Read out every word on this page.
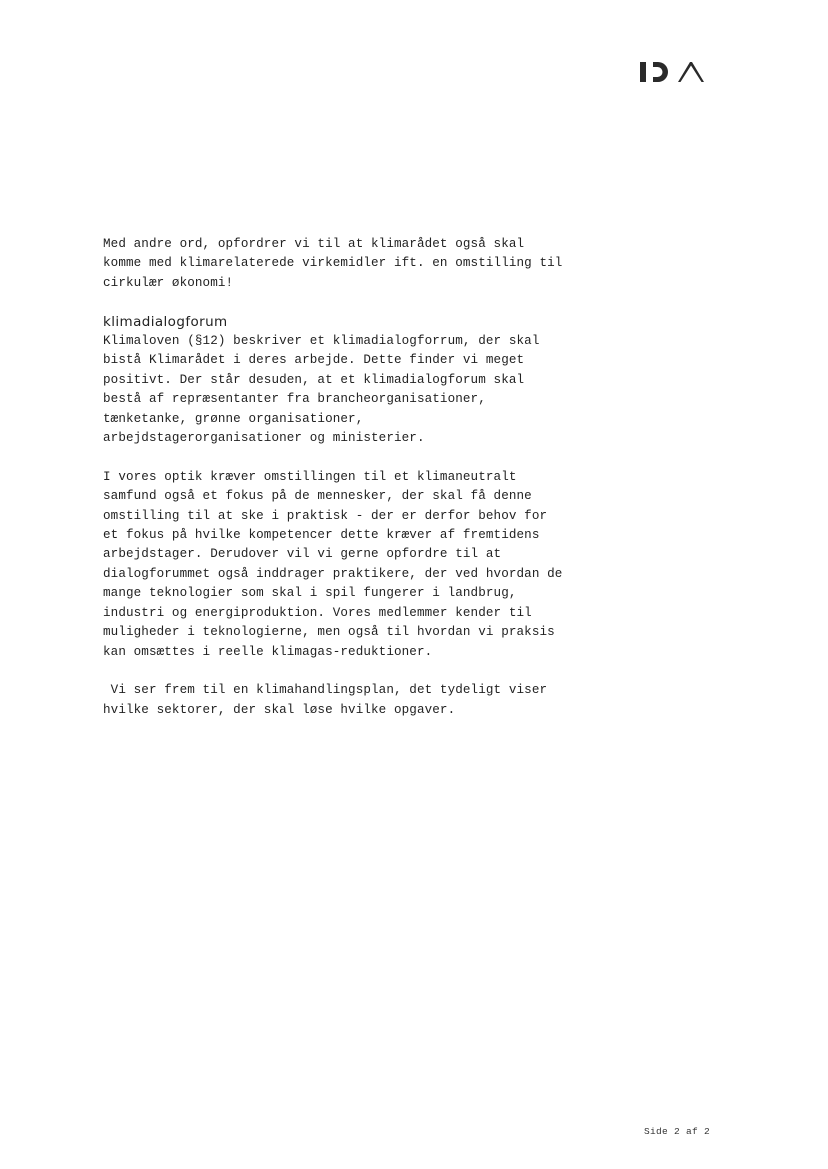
Med andre ord, opfordrer vi til at klimarådet også skal
komme med klimarelaterede virkemidler ift. en omstilling til
cirkulær økonomi!
klimadialogforum
Klimaloven (§12) beskriver et klimadialogforrum, der skal
bistå Klimarådet i deres arbejde. Dette finder vi meget
positivt. Der står desuden, at et klimadialogforum skal
bestå af repræsentanter fra brancheorganisationer,
tænketanke, grønne organisationer,
arbejdstagerorganisationer og ministerier.
I vores optik kræver omstillingen til et klimaneutralt
samfund også et fokus på de mennesker, der skal få denne
omstilling til at ske i praktisk - der er derfor behov for
et fokus på hvilke kompetencer dette kræver af fremtidens
arbejdstager. Derudover vil vi gerne opfordre til at
dialogforummet også inddrager praktikere, der ved hvordan de
mange teknologier som skal i spil fungerer i landbrug,
industri og energiproduktion. Vores medlemmer kender til
muligheder i teknologierne, men også til hvordan vi praksis
kan omsættes i reelle klimagas-reduktioner.
Vi ser frem til en klimahandlingsplan, det tydeligt viser
hvilke sektorer, der skal løse hvilke opgaver.
Side 2 af 2
